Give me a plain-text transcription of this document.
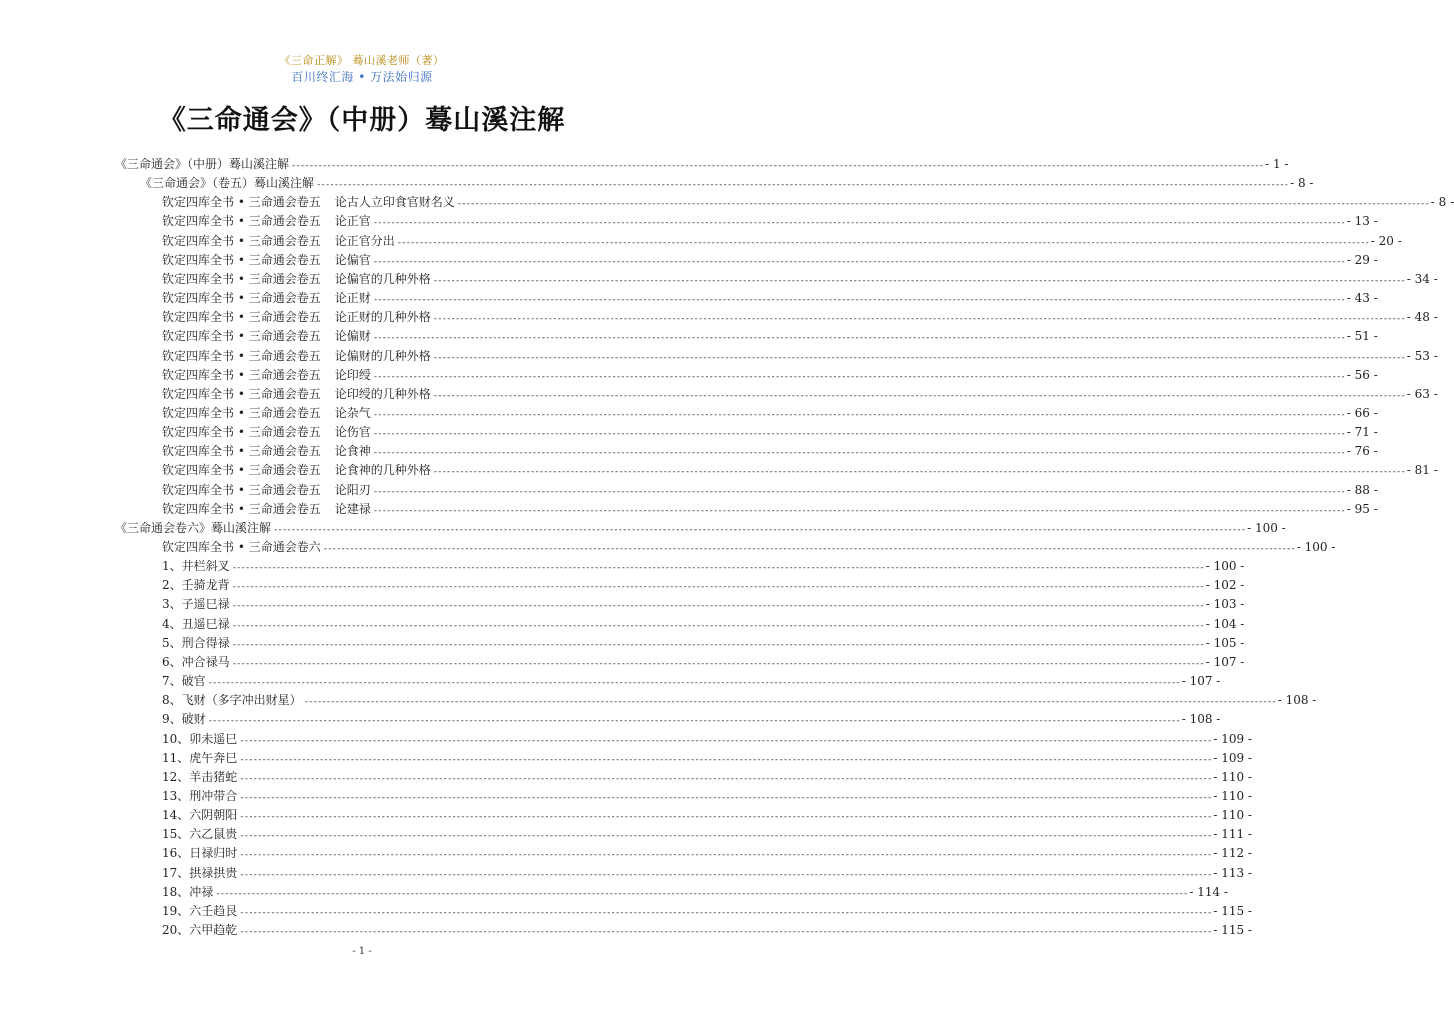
《三命正解》 蓦山溪老师（著）
百川终汇海 • 万法始归源
《三命通会》（中册）蓦山溪注解
《三命通会》（中册）蓦山溪注解 ---------------------------------------------------------------------------------------------------------------------------------------------------------------------------------------------------------------------------- - 1 -
《三命通会》（卷五）蓦山溪注解 ---------------------------------------------------------------------------------------------------------------------------------------------------------------------------------------------------------------------------- - 8 -
钦定四库全书 • 三命通会卷五	论古人立印食官财名义 ---------------------------------------------------------------------------------------------------------------------------------------------------------------------------------------------------------------------------- - 8 -
钦定四库全书 • 三命通会卷五	论正官 ---------------------------------------------------------------------------------------------------------------------------------------------------------------------------------------------------------------------------- - 13 -
钦定四库全书 • 三命通会卷五	论正官分出 ---------------------------------------------------------------------------------------------------------------------------------------------------------------------------------------------------------------------------- - 20 -
钦定四库全书 • 三命通会卷五	论偏官 ---------------------------------------------------------------------------------------------------------------------------------------------------------------------------------------------------------------------------- - 29 -
钦定四库全书 • 三命通会卷五	论偏官的几种外格 ---------------------------------------------------------------------------------------------------------------------------------------------------------------------------------------------------------------------------- - 34 -
钦定四库全书 • 三命通会卷五	论正财 ---------------------------------------------------------------------------------------------------------------------------------------------------------------------------------------------------------------------------- - 43 -
钦定四库全书 • 三命通会卷五	论正财的几种外格 ---------------------------------------------------------------------------------------------------------------------------------------------------------------------------------------------------------------------------- - 48 -
钦定四库全书 • 三命通会卷五	论偏财 ---------------------------------------------------------------------------------------------------------------------------------------------------------------------------------------------------------------------------- - 51 -
钦定四库全书 • 三命通会卷五	论偏财的几种外格 ---------------------------------------------------------------------------------------------------------------------------------------------------------------------------------------------------------------------------- - 53 -
钦定四库全书 • 三命通会卷五	论印绶 ---------------------------------------------------------------------------------------------------------------------------------------------------------------------------------------------------------------------------- - 56 -
钦定四库全书 • 三命通会卷五	论印绶的几种外格 ---------------------------------------------------------------------------------------------------------------------------------------------------------------------------------------------------------------------------- - 63 -
钦定四库全书 • 三命通会卷五	论杂气 ---------------------------------------------------------------------------------------------------------------------------------------------------------------------------------------------------------------------------- - 66 -
钦定四库全书 • 三命通会卷五	论伤官 ---------------------------------------------------------------------------------------------------------------------------------------------------------------------------------------------------------------------------- - 71 -
钦定四库全书 • 三命通会卷五	论食神 ---------------------------------------------------------------------------------------------------------------------------------------------------------------------------------------------------------------------------- - 76 -
钦定四库全书 • 三命通会卷五	论食神的几种外格 ---------------------------------------------------------------------------------------------------------------------------------------------------------------------------------------------------------------------------- - 81 -
钦定四库全书 • 三命通会卷五	论阳刃 ---------------------------------------------------------------------------------------------------------------------------------------------------------------------------------------------------------------------------- - 88 -
钦定四库全书 • 三命通会卷五	论建禄 ---------------------------------------------------------------------------------------------------------------------------------------------------------------------------------------------------------------------------- - 95 -
《三命通会卷六》蓦山溪注解 ---------------------------------------------------------------------------------------------------------------------------------------------------------------------------------------------------------------------------- - 100 -
钦定四库全书 • 三命通会卷六 ---------------------------------------------------------------------------------------------------------------------------------------------------------------------------------------------------------------------------- - 100 -
1、井栏斜叉 ---------------------------------------------------------------------------------------------------------------------------------------------------------------------------------------------------------------------------- - 100 -
2、壬骑龙背 ---------------------------------------------------------------------------------------------------------------------------------------------------------------------------------------------------------------------------- - 102 -
3、子遥巳禄 ---------------------------------------------------------------------------------------------------------------------------------------------------------------------------------------------------------------------------- - 103 -
4、丑遥巳禄 ---------------------------------------------------------------------------------------------------------------------------------------------------------------------------------------------------------------------------- - 104 -
5、刑合得禄 ---------------------------------------------------------------------------------------------------------------------------------------------------------------------------------------------------------------------------- - 105 -
6、冲合禄马 ---------------------------------------------------------------------------------------------------------------------------------------------------------------------------------------------------------------------------- - 107 -
7、破官 ---------------------------------------------------------------------------------------------------------------------------------------------------------------------------------------------------------------------------- - 107 -
8、飞财（多字冲出财星） ---------------------------------------------------------------------------------------------------------------------------------------------------------------------------------------------------------------------------- - 108 -
9、破财 ---------------------------------------------------------------------------------------------------------------------------------------------------------------------------------------------------------------------------- - 108 -
10、卯未遥巳 ---------------------------------------------------------------------------------------------------------------------------------------------------------------------------------------------------------------------------- - 109 -
11、虎午奔巳 ---------------------------------------------------------------------------------------------------------------------------------------------------------------------------------------------------------------------------- - 109 -
12、羊击猪蛇 ---------------------------------------------------------------------------------------------------------------------------------------------------------------------------------------------------------------------------- - 110 -
13、刑冲带合 ---------------------------------------------------------------------------------------------------------------------------------------------------------------------------------------------------------------------------- - 110 -
14、六阴朝阳 ---------------------------------------------------------------------------------------------------------------------------------------------------------------------------------------------------------------------------- - 110 -
15、六乙鼠贵 ---------------------------------------------------------------------------------------------------------------------------------------------------------------------------------------------------------------------------- - 111 -
16、日禄归时 ---------------------------------------------------------------------------------------------------------------------------------------------------------------------------------------------------------------------------- - 112 -
17、拱禄拱贵 ---------------------------------------------------------------------------------------------------------------------------------------------------------------------------------------------------------------------------- - 113 -
18、冲禄 ---------------------------------------------------------------------------------------------------------------------------------------------------------------------------------------------------------------------------- - 114 -
19、六壬趋艮 ---------------------------------------------------------------------------------------------------------------------------------------------------------------------------------------------------------------------------- - 115 -
20、六甲趋乾 ---------------------------------------------------------------------------------------------------------------------------------------------------------------------------------------------------------------------------- - 115 -
- 1 -
